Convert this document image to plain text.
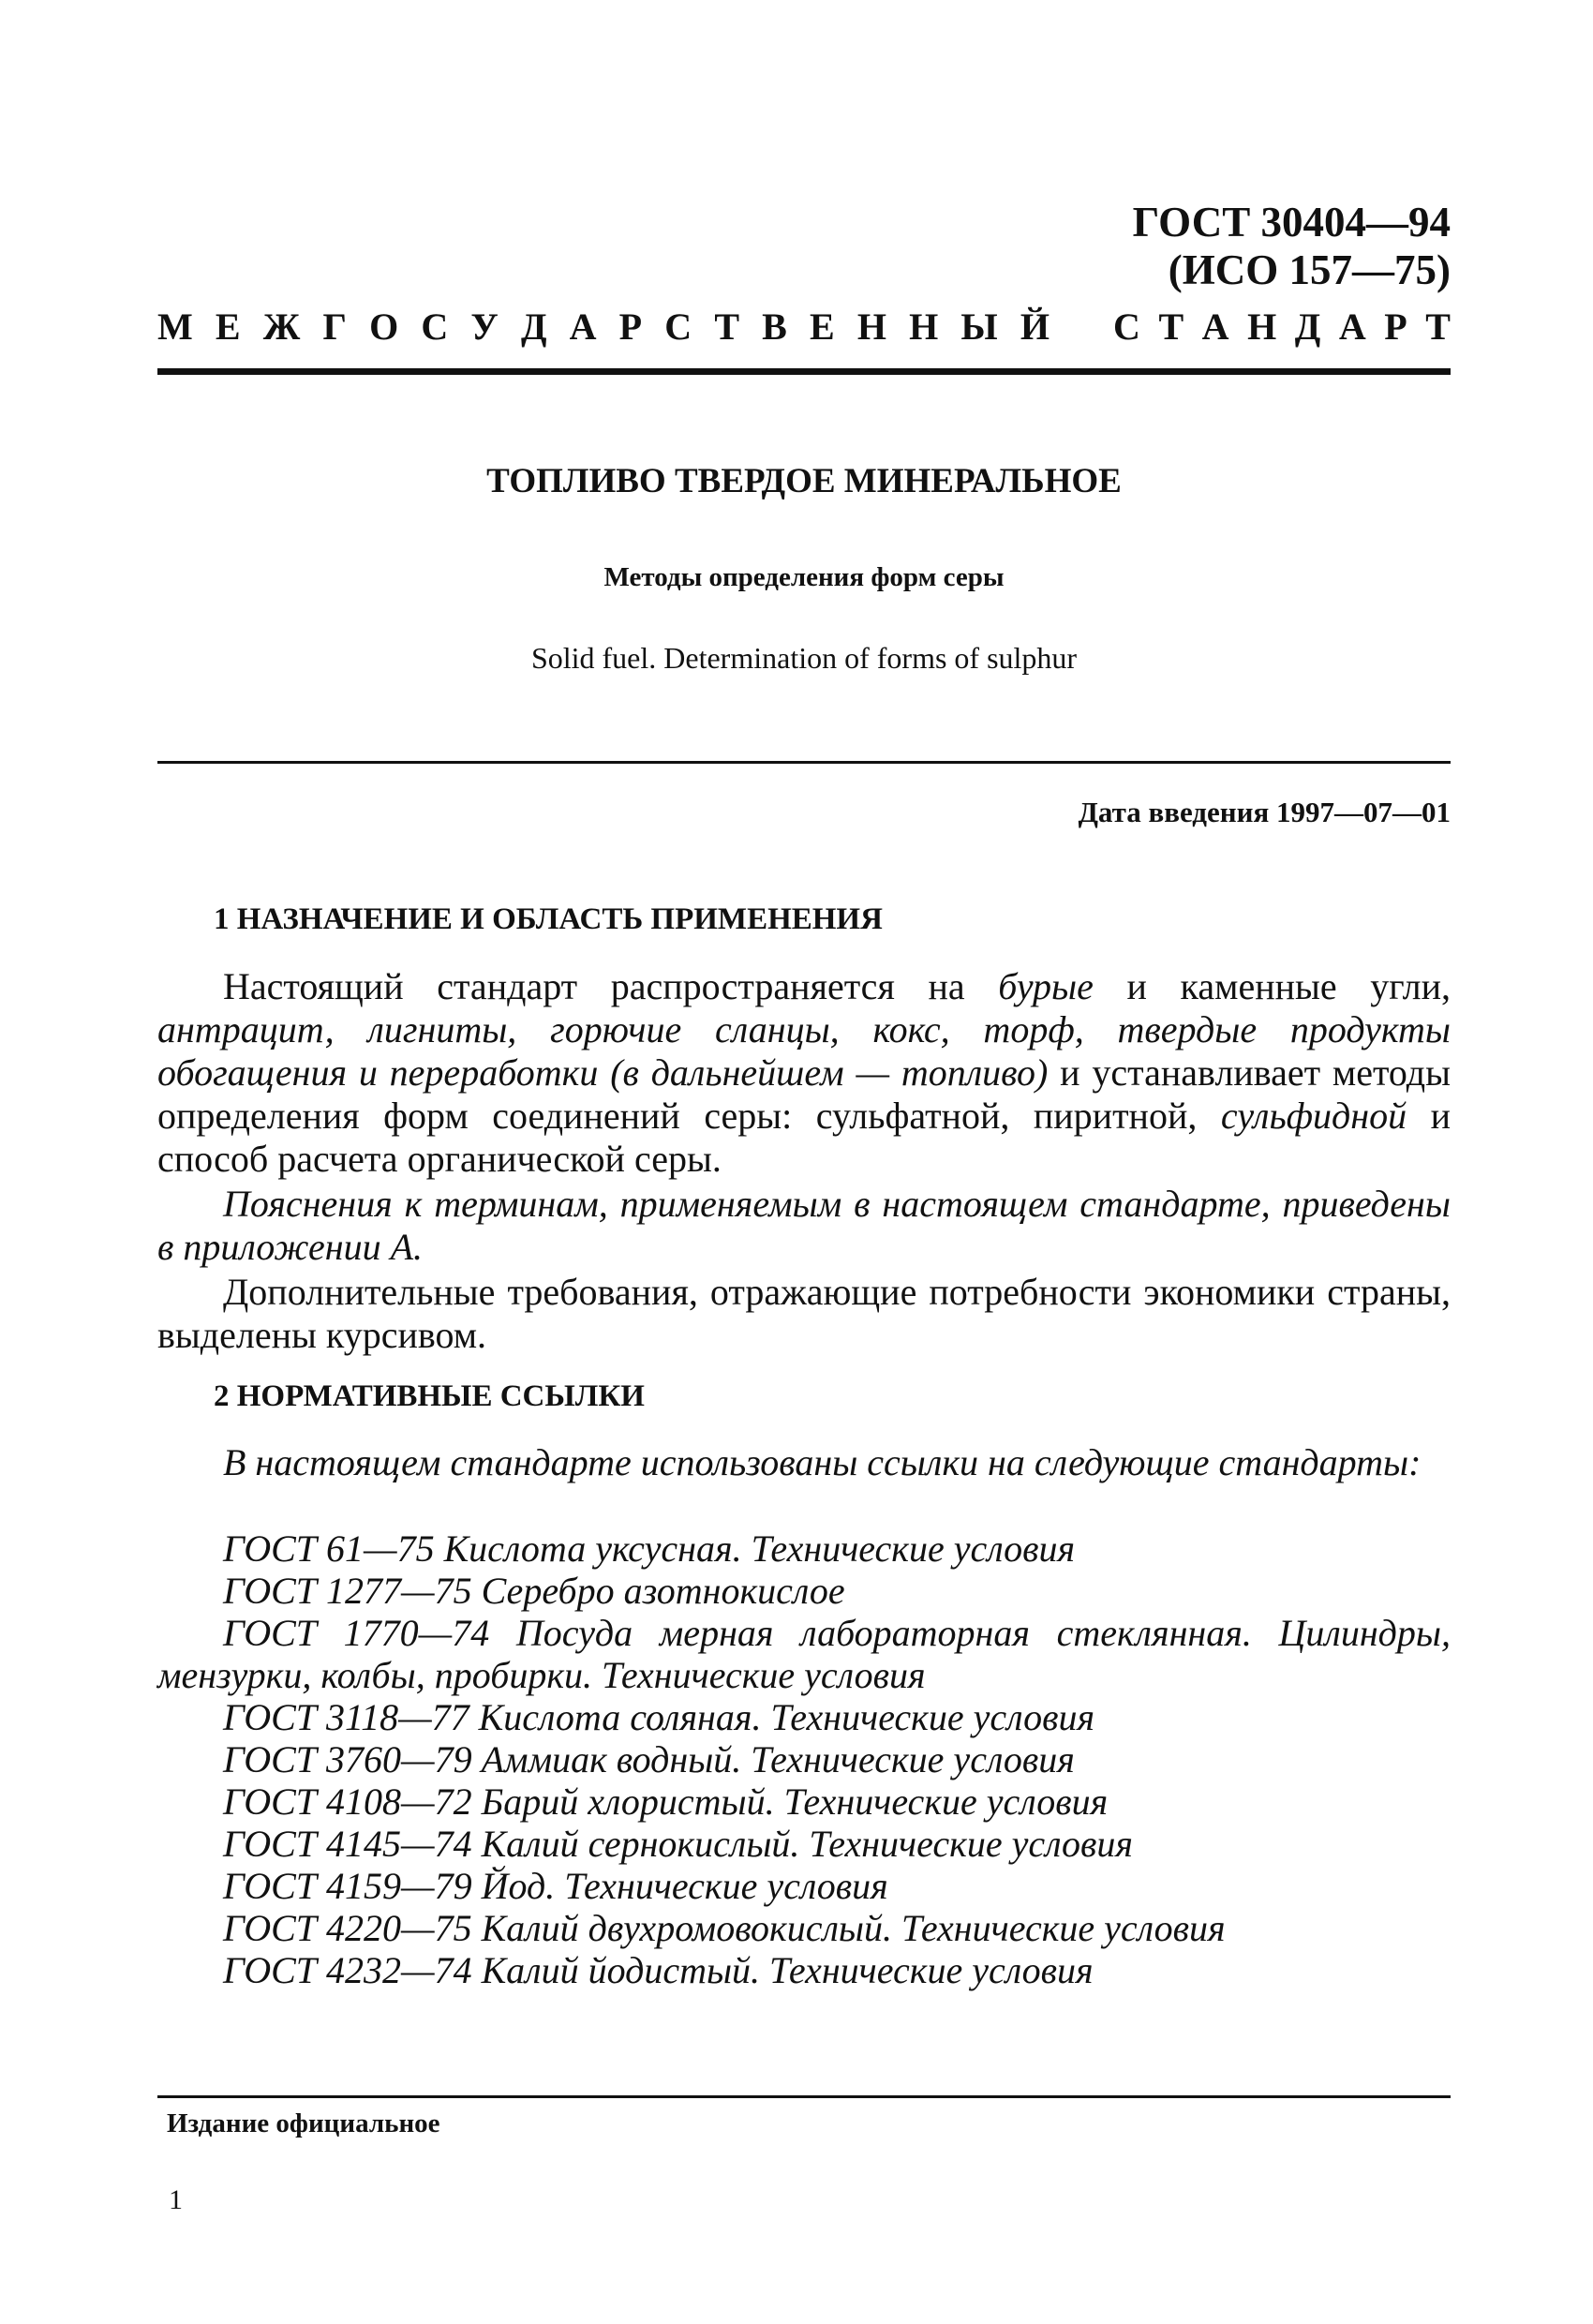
ГОСТ 30404—94
(ИСО 157—75)
М Е Ж Г О С У Д А Р С Т В Е Н Н Ы Й С Т А Н Д А Р Т
ТОПЛИВО ТВЕРДОЕ МИНЕРАЛЬНОЕ
Методы определения форм серы
Solid fuel. Determination of forms of sulphur
Дата введения 1997—07—01
1 НАЗНАЧЕНИЕ И ОБЛАСТЬ ПРИМЕНЕНИЯ

Настоящий стандарт распространяется на бурые и каменные угли, антрацит, лигниты, горючие сланцы, кокс, торф, твердые продукты обогащения и переработки (в дальнейшем — топливо) и устанавливает методы определения форм соединений серы: сульфатной, пиритной, сульфидной и способ расчета органической серы.

Пояснения к терминам, применяемым в настоящем стандарте, приведены в приложении А.

Дополнительные требования, отражающие потребности экономики страны, выделены курсивом.

2 НОРМАТИВНЫЕ ССЫЛКИ

В настоящем стандарте использованы ссылки на следующие стандарты:

ГОСТ 61—75 Кислота уксусная. Технические условия
ГОСТ 1277—75 Серебро азотнокислое
ГОСТ 1770—74 Посуда мерная лабораторная стеклянная. Цилиндры, мензурки, колбы, пробирки. Технические условия
ГОСТ 3118—77 Кислота соляная. Технические условия
ГОСТ 3760—79 Аммиак водный. Технические условия
ГОСТ 4108—72 Барий хлористый. Технические условия
ГОСТ 4145—74 Калий сернокислый. Технические условия
ГОСТ 4159—79 Йод. Технические условия
ГОСТ 4220—75 Калий двухромовокислый. Технические условия
ГОСТ 4232—74 Калий йодистый. Технические условия
Издание официальное
1
